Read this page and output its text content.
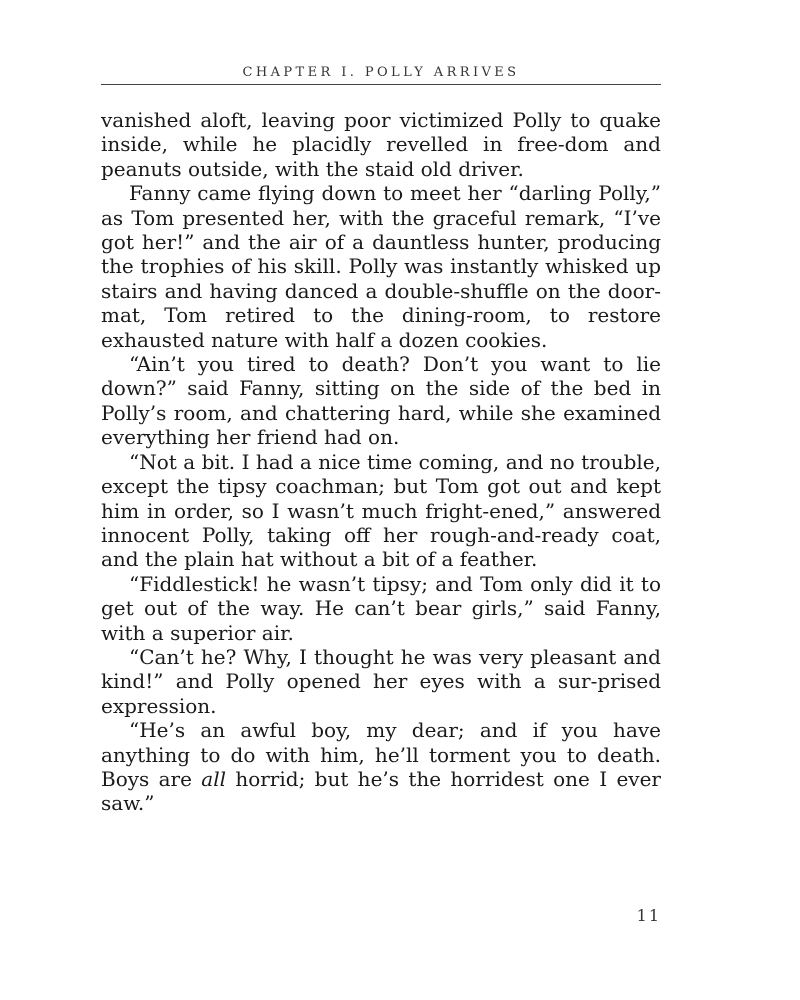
CHAPTER I. POLLY ARRIVES

vanished aloft, leaving poor victimized Polly to quake inside, while he placidly revelled in free-dom and peanuts outside, with the staid old driver.

Fanny came flying down to meet her “darling Polly,” as Tom presented her, with the graceful remark, “I’ve got her!” and the air of a dauntless hunter, producing the trophies of his skill. Polly was instantly whisked up stairs and having danced a double-shuffle on the door-mat, Tom retired to the dining-room, to restore exhausted nature with half a dozen cookies.

“Ain’t you tired to death? Don’t you want to lie down?” said Fanny, sitting on the side of the bed in Polly’s room, and chattering hard, while she examined everything her friend had on.

“Not a bit. I had a nice time coming, and no trouble, except the tipsy coachman; but Tom got out and kept him in order, so I wasn’t much fright-ened,” answered innocent Polly, taking off her rough-and-ready coat, and the plain hat without a bit of a feather.

“Fiddlestick! he wasn’t tipsy; and Tom only did it to get out of the way. He can’t bear girls,” said Fanny, with a superior air.

“Can’t he? Why, I thought he was very pleasant and kind!” and Polly opened her eyes with a sur-prised expression.

“He’s an awful boy, my dear; and if you have anything to do with him, he’ll torment you to death. Boys are all horrid; but he’s the horridest one I ever saw.”

11
